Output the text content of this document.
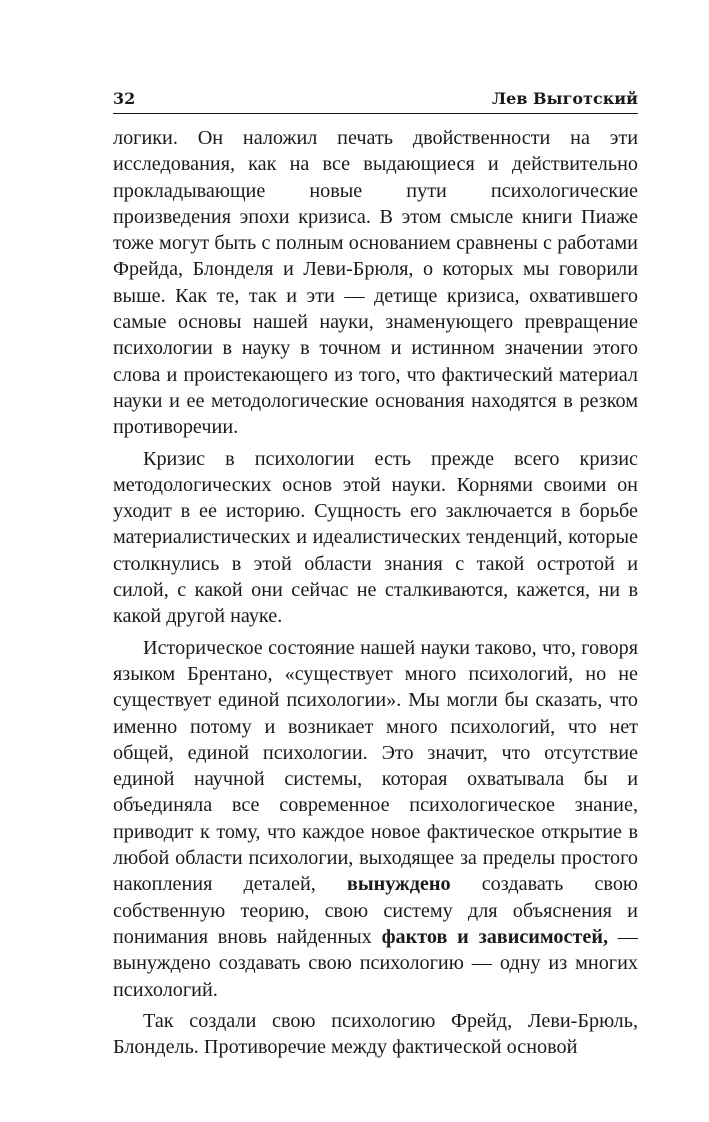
32	Лев Выготский

логики. Он наложил печать двойственности на эти исследования, как на все выдающиеся и действительно прокладывающие новые пути психологические произведения эпохи кризиса. В этом смысле книги Пиаже тоже могут быть с полным основанием сравнены с работами Фрейда, Блонделя и Леви-Брюля, о которых мы говорили выше. Как те, так и эти — детище кризиса, охватившего самые основы нашей науки, знаменующего превращение психологии в науку в точном и истинном значении этого слова и проистекающего из того, что фактический материал науки и ее методологические основания находятся в резком противоречии.

Кризис в психологии есть прежде всего кризис методологических основ этой науки. Корнями своими он уходит в ее историю. Сущность его заключается в борьбе материалистических и идеалистических тенденций, которые столкнулись в этой области знания с такой остротой и силой, с какой они сейчас не сталкиваются, кажется, ни в какой другой науке.

Историческое состояние нашей науки таково, что, говоря языком Брентано, «существует много психологий, но не существует единой психологии». Мы могли бы сказать, что именно потому и возникает много психологий, что нет общей, единой психологии. Это значит, что отсутствие единой научной системы, которая охватывала бы и объединяла все современное психологическое знание, приводит к тому, что каждое новое фактическое открытие в любой области психологии, выходящее за пределы простого накопления деталей, вынуждено создавать свою собственную теорию, свою систему для объяснения и понимания вновь найденных фактов и зависимостей, — вынуждено создавать свою психологию — одну из многих психологий.

Так создали свою психологию Фрейд, Леви-Брюль, Блондель. Противоречие между фактической основой
